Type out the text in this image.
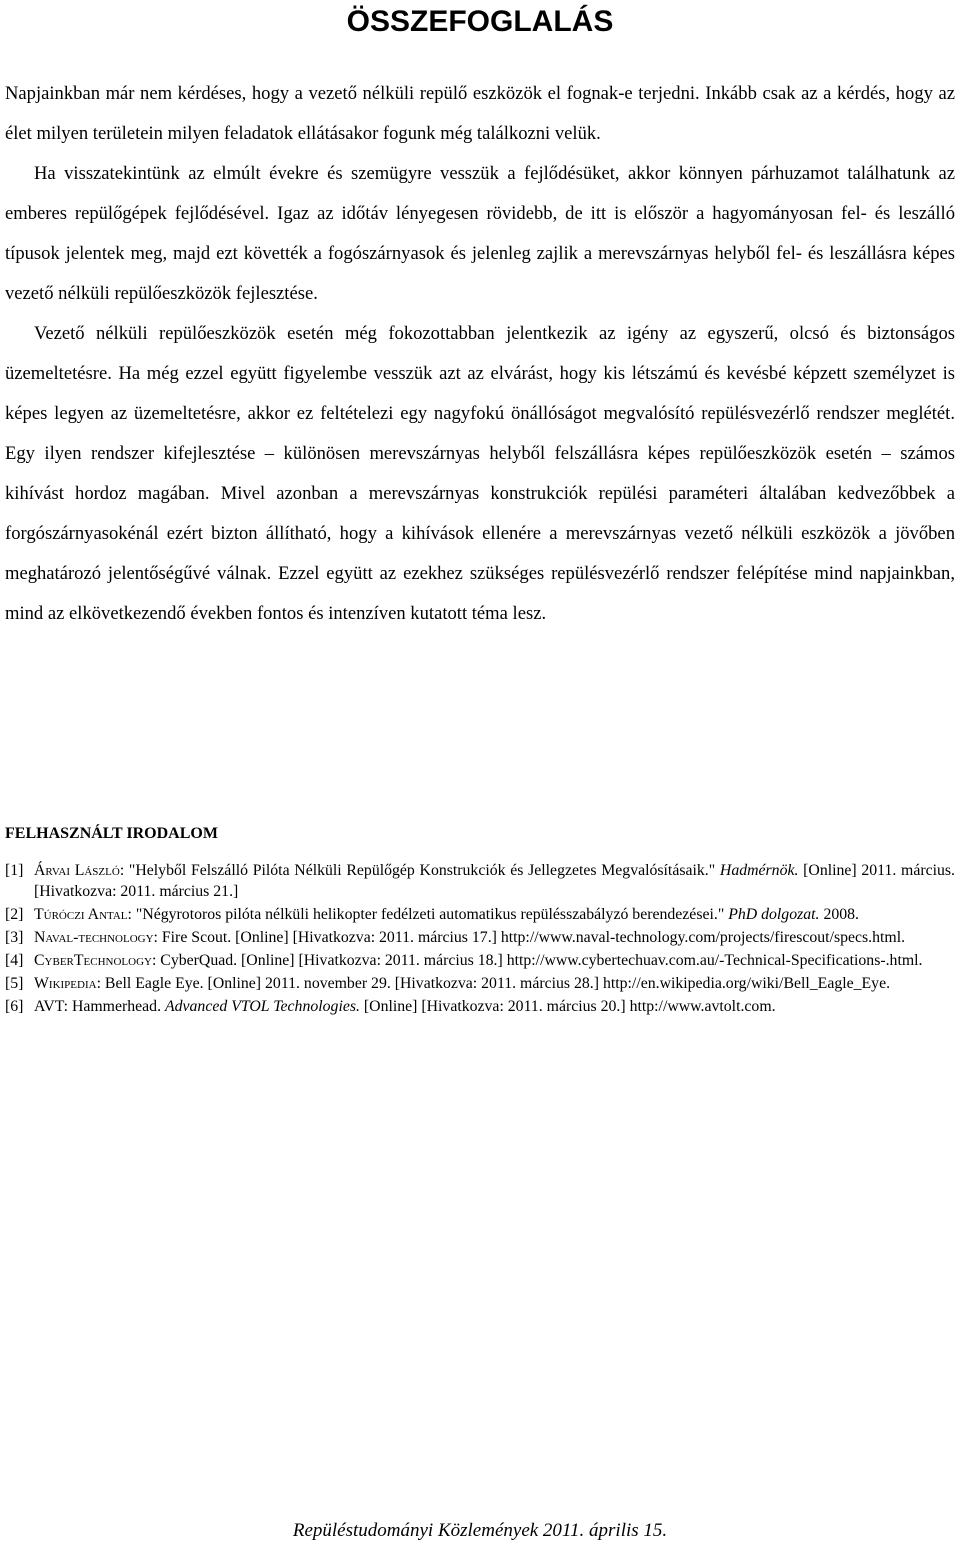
ÖSSZEFOGLALÁS

Napjainkban már nem kérdéses, hogy a vezető nélküli repülő eszközök el fognak-e terjedni. Inkább csak az a kérdés, hogy az élet milyen területein milyen feladatok ellátásakor fogunk még találkozni velük.

Ha visszatekintünk az elmúlt évekre és szemügyre vesszük a fejlődésüket, akkor könnyen párhuzamot találhatunk az emberes repülőgépek fejlődésével. Igaz az időtáv lényegesen rövidebb, de itt is először a hagyományosan fel- és leszálló típusok jelentek meg, majd ezt követték a fogószárnyasok és jelenleg zajlik a merevszárnyas helyből fel- és leszállásra képes vezető nélküli repülőeszközök fejlesztése.

Vezető nélküli repülőeszközök esetén még fokozottabban jelentkezik az igény az egyszerű, olcsó és biztonságos üzemeltetésre. Ha még ezzel együtt figyelembe vesszük azt az elvárást, hogy kis létszámú és kevésbé képzett személyzet is képes legyen az üzemeltetésre, akkor ez feltételezi egy nagyfokú önállóságot megvalósító repülésvezérlő rendszer meglétét. Egy ilyen rendszer kifejlesztése – különösen merevszárnyas helyből felszállásra képes repülőeszközök esetén – számos kihívást hordoz magában. Mivel azonban a merevszárnyas konstrukciók repülési paraméteri általában kedvezőbbek a forgószárnyasokénál ezért bizton állítható, hogy a kihívások ellenére a merevszárnyas vezető nélküli eszközök a jövőben meghatározó jelentőségűvé válnak. Ezzel együtt az ezekhez szükséges repülésvezérlő rendszer felépítése mind napjainkban, mind az elkövetkezendő években fontos és intenzíven kutatott téma lesz.

FELHASZNÁLT IRODALOM
[1] Árvai László: "Helyből Felszálló Pilóta Nélküli Repülőgép Konstrukciók és Jellegzetes Megvalósításaik." Hadmérnök. [Online] 2011. március. [Hivatkozva: 2011. március 21.]
[2] Túróczi Antal: "Négyrotoros pilóta nélküli helikopter fedélzeti automatikus repülésszabályzó berendezései." PhD dolgozat. 2008.
[3] Naval-technology: Fire Scout. [Online] [Hivatkozva: 2011. március 17.] http://www.naval-technology.com/projects/firescout/specs.html.
[4] CyberTechnology: CyberQuad. [Online] [Hivatkozva: 2011. március 18.] http://www.cybertechuav.com.au/-Technical-Specifications-.html.
[5] Wikipedia: Bell Eagle Eye. [Online] 2011. november 29. [Hivatkozva: 2011. március 28.] http://en.wikipedia.org/wiki/Bell_Eagle_Eye.
[6] AVT: Hammerhead. Advanced VTOL Technologies. [Online] [Hivatkozva: 2011. március 20.] http://www.avtolt.com.
Repüléstudományi Közlemények 2011. április 15.
